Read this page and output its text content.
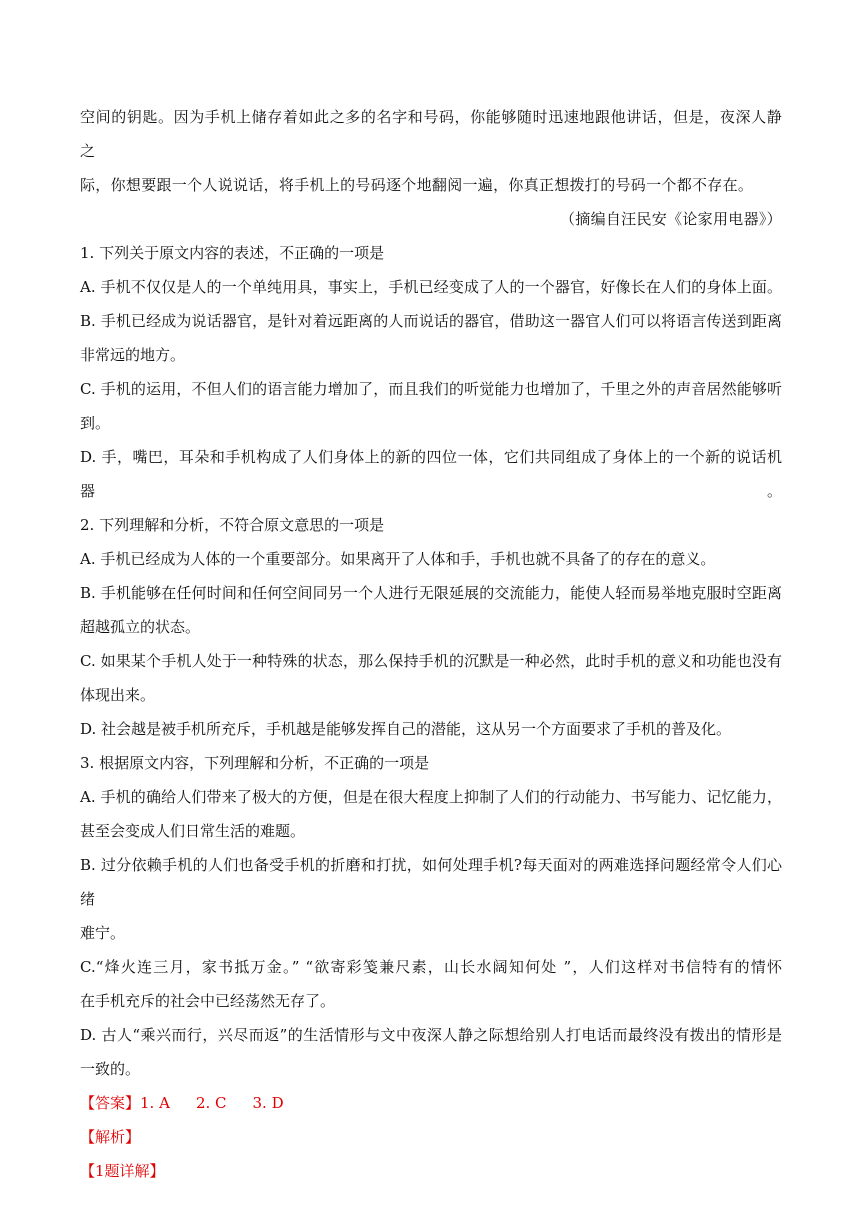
空间的钥匙。因为手机上储存着如此之多的名字和号码，你能够随时迅速地跟他讲话，但是，夜深人静之

际，你想要跟一个人说说话，将手机上的号码逐个地翻阅一遍，你真正想拨打的号码一个都不存在。

（摘编自汪民安《论家用电器》）

1. 下列关于原文内容的表述，不正确的一项是

A. 手机不仅仅是人的一个单纯用具，事实上，手机已经变成了人的一个器官，好像长在人们的身体上面。

B. 手机已经成为说话器官，是针对着远距离的人而说话的器官，借助这一器官人们可以将语言传送到距离

非常远的地方。

C. 手机的运用，不但人们的语言能力增加了，而且我们的听觉能力也增加了，千里之外的声音居然能够听

到。

D. 手，嘴巴，耳朵和手机构成了人们身体上的新的四位一体，它们共同组成了身体上的一个新的说话机器。

2. 下列理解和分析，不符合原文意思的一项是

A. 手机已经成为人体的一个重要部分。如果离开了人体和手，手机也就不具备了的存在的意义。

B. 手机能够在任何时间和任何空间同另一个人进行无限延展的交流能力，能使人轻而易举地克服时空距离

超越孤立的状态。

C. 如果某个手机人处于一种特殊的状态，那么保持手机的沉默是一种必然，此时手机的意义和功能也没有

体现出来。

D. 社会越是被手机所充斥，手机越是能够发挥自己的潜能，这从另一个方面要求了手机的普及化。

3. 根据原文内容，下列理解和分析，不正确的一项是

A. 手机的确给人们带来了极大的方便，但是在很大程度上抑制了人们的行动能力、书写能力、记忆能力，

甚至会变成人们日常生活的难题。

B. 过分依赖手机的人们也备受手机的折磨和打扰，如何处理手机?每天面对的两难选择问题经常令人们心绪

难宁。

C.“烽火连三月，家书抵万金。” “欲寄彩笺兼尺素，山长水阔知何处 ”，人们这样对书信特有的情怀

在手机充斥的社会中已经荡然无存了。

D. 古人“乘兴而行，兴尽而返”的生活情形与文中夜深人静之际想给别人打电话而最终没有拨出的情形是

一致的。

【答案】1. A 2. C 3. D

【解析】

【1题详解】
